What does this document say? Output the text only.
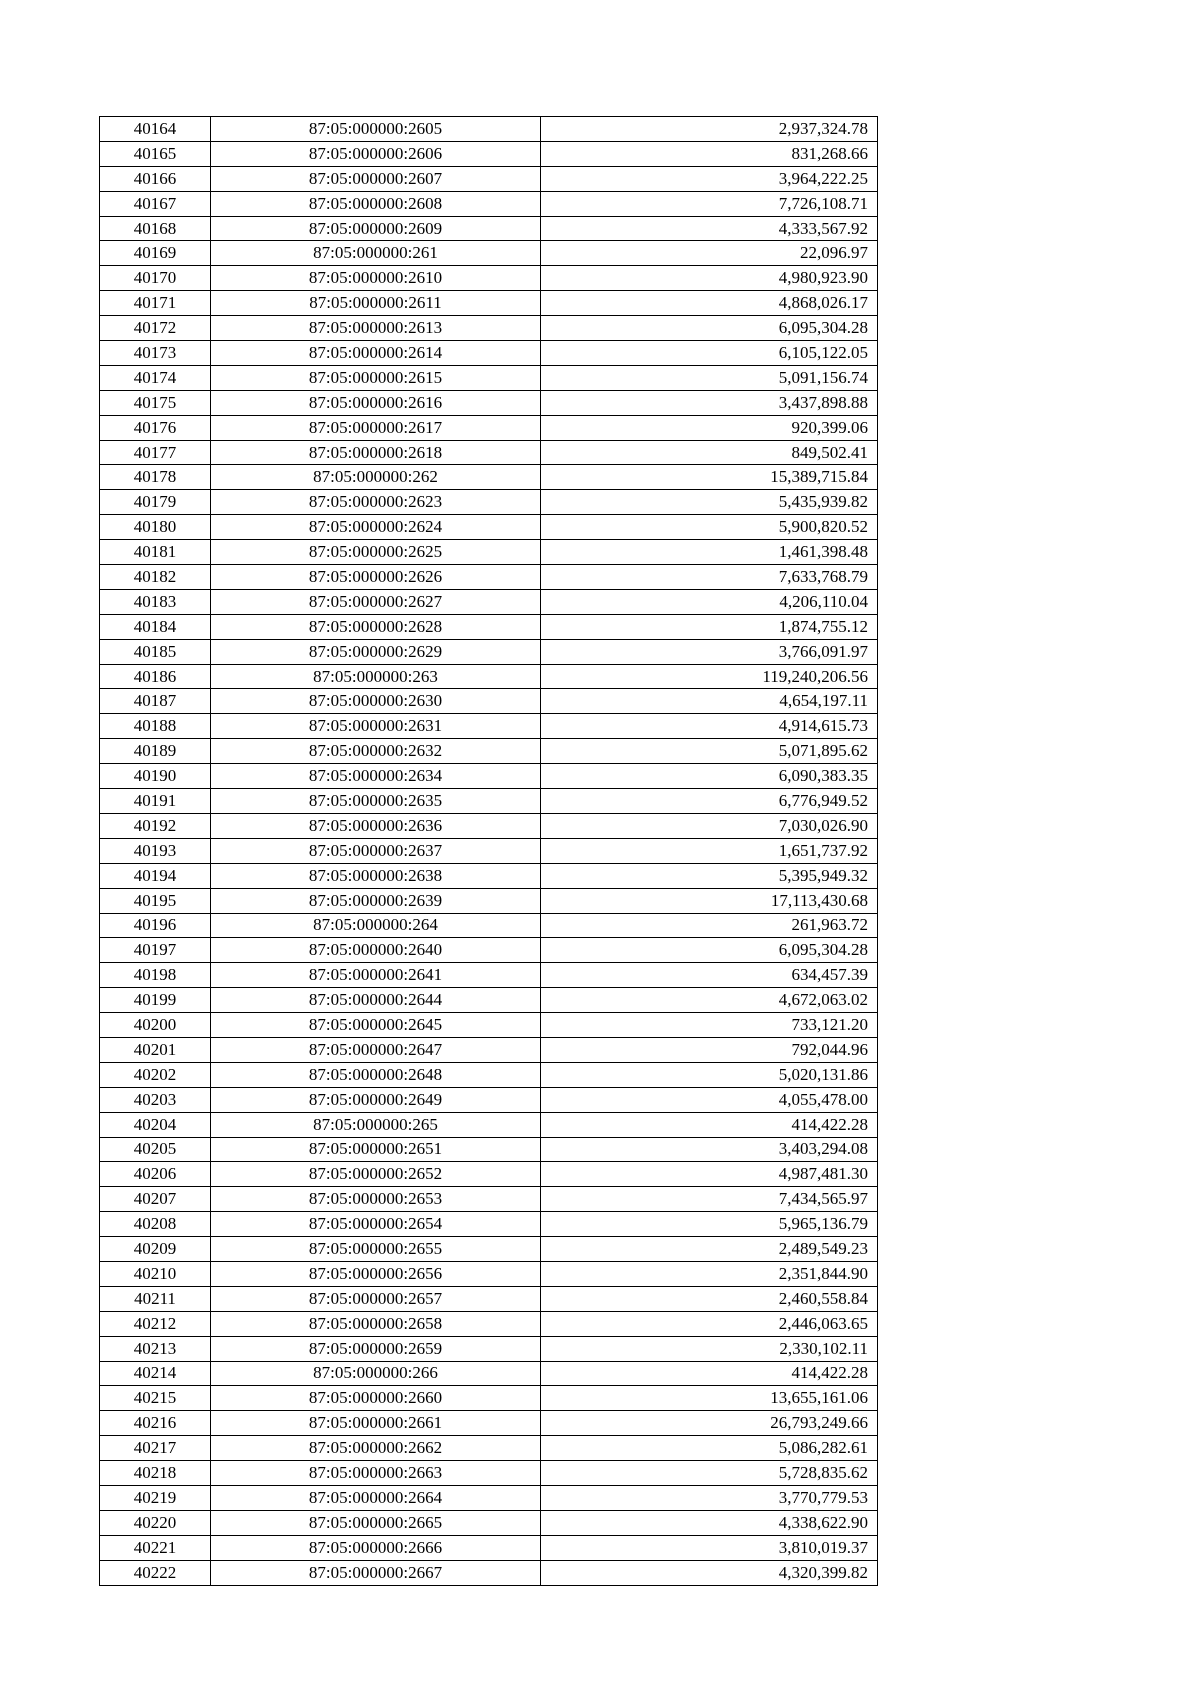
40164	87:05:000000:2605	2,937,324.78
40165	87:05:000000:2606	831,268.66
40166	87:05:000000:2607	3,964,222.25
40167	87:05:000000:2608	7,726,108.71
40168	87:05:000000:2609	4,333,567.92
40169	87:05:000000:261	22,096.97
40170	87:05:000000:2610	4,980,923.90
40171	87:05:000000:2611	4,868,026.17
40172	87:05:000000:2613	6,095,304.28
40173	87:05:000000:2614	6,105,122.05
40174	87:05:000000:2615	5,091,156.74
40175	87:05:000000:2616	3,437,898.88
40176	87:05:000000:2617	920,399.06
40177	87:05:000000:2618	849,502.41
40178	87:05:000000:262	15,389,715.84
40179	87:05:000000:2623	5,435,939.82
40180	87:05:000000:2624	5,900,820.52
40181	87:05:000000:2625	1,461,398.48
40182	87:05:000000:2626	7,633,768.79
40183	87:05:000000:2627	4,206,110.04
40184	87:05:000000:2628	1,874,755.12
40185	87:05:000000:2629	3,766,091.97
40186	87:05:000000:263	119,240,206.56
40187	87:05:000000:2630	4,654,197.11
40188	87:05:000000:2631	4,914,615.73
40189	87:05:000000:2632	5,071,895.62
40190	87:05:000000:2634	6,090,383.35
40191	87:05:000000:2635	6,776,949.52
40192	87:05:000000:2636	7,030,026.90
40193	87:05:000000:2637	1,651,737.92
40194	87:05:000000:2638	5,395,949.32
40195	87:05:000000:2639	17,113,430.68
40196	87:05:000000:264	261,963.72
40197	87:05:000000:2640	6,095,304.28
40198	87:05:000000:2641	634,457.39
40199	87:05:000000:2644	4,672,063.02
40200	87:05:000000:2645	733,121.20
40201	87:05:000000:2647	792,044.96
40202	87:05:000000:2648	5,020,131.86
40203	87:05:000000:2649	4,055,478.00
40204	87:05:000000:265	414,422.28
40205	87:05:000000:2651	3,403,294.08
40206	87:05:000000:2652	4,987,481.30
40207	87:05:000000:2653	7,434,565.97
40208	87:05:000000:2654	5,965,136.79
40209	87:05:000000:2655	2,489,549.23
40210	87:05:000000:2656	2,351,844.90
40211	87:05:000000:2657	2,460,558.84
40212	87:05:000000:2658	2,446,063.65
40213	87:05:000000:2659	2,330,102.11
40214	87:05:000000:266	414,422.28
40215	87:05:000000:2660	13,655,161.06
40216	87:05:000000:2661	26,793,249.66
40217	87:05:000000:2662	5,086,282.61
40218	87:05:000000:2663	5,728,835.62
40219	87:05:000000:2664	3,770,779.53
40220	87:05:000000:2665	4,338,622.90
40221	87:05:000000:2666	3,810,019.37
40222	87:05:000000:2667	4,320,399.82
